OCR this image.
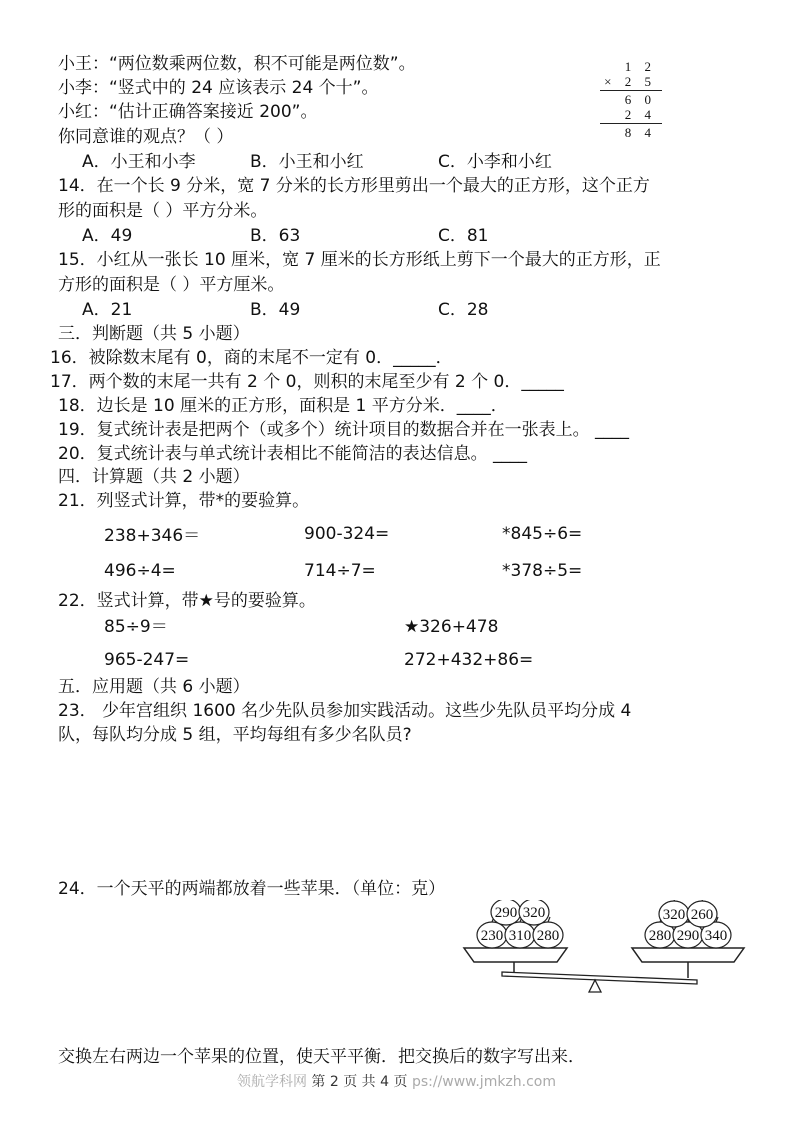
小王：“两位数乘两位数，积不可能是两位数”。
小李：“竖式中的 24 应该表示 24 个十”。
小红：“估计正确答案接近 200”。
你同意谁的观点？（ ）
A．小王和小李	B．小王和小红	C．小李和小红
1 2
× 2 5
6 0
2 4
8 4
14．在一个长 9 分米，宽 7 分米的长方形里剪出一个最大的正方形，这个正方
形的面积是（ ）平方分米。
A．49	B．63	C．81
15．小红从一张长 10 厘米，宽 7 厘米的长方形纸上剪下一个最大的正方形，正
方形的面积是（ ）平方厘米。
A．21	B．49	C．28
三．判断题（共 5 小题）
16．被除数末尾有 0，商的末尾不一定有 0．_____．
17．两个数的末尾一共有 2 个 0，则积的末尾至少有 2 个 0．_____
18．边长是 10 厘米的正方形，面积是 1 平方分米．____．
19．复式统计表是把两个（或多个）统计项目的数据合并在一张表上。 ____
20．复式统计表与单式统计表相比不能简洁的表达信息。 ____
四．计算题（共 2 小题）
21．列竖式计算，带*的要验算。
238+346＝	900-324=	*845÷6=
496÷4=	714÷7=	*378÷5=
22．竖式计算，带★号的要验算。
85÷9＝	★326+478
965-247=	272+432+86=
五．应用题（共 6 小题）
23． 少年宫组织 1600 名少先队员参加实践活动。这些少先队员平均分成 4
队，每队均分成 5 组，平均每组有多少名队员?
24．一个天平的两端都放着一些苹果．（单位：克）
230 310 280
290 320
280 290 340
320 260
交换左右两边一个苹果的位置，使天平平衡．把交换后的数字写出来．
领航学科网 第 2 页 共 4 页 ps://www.jmkzh.com
